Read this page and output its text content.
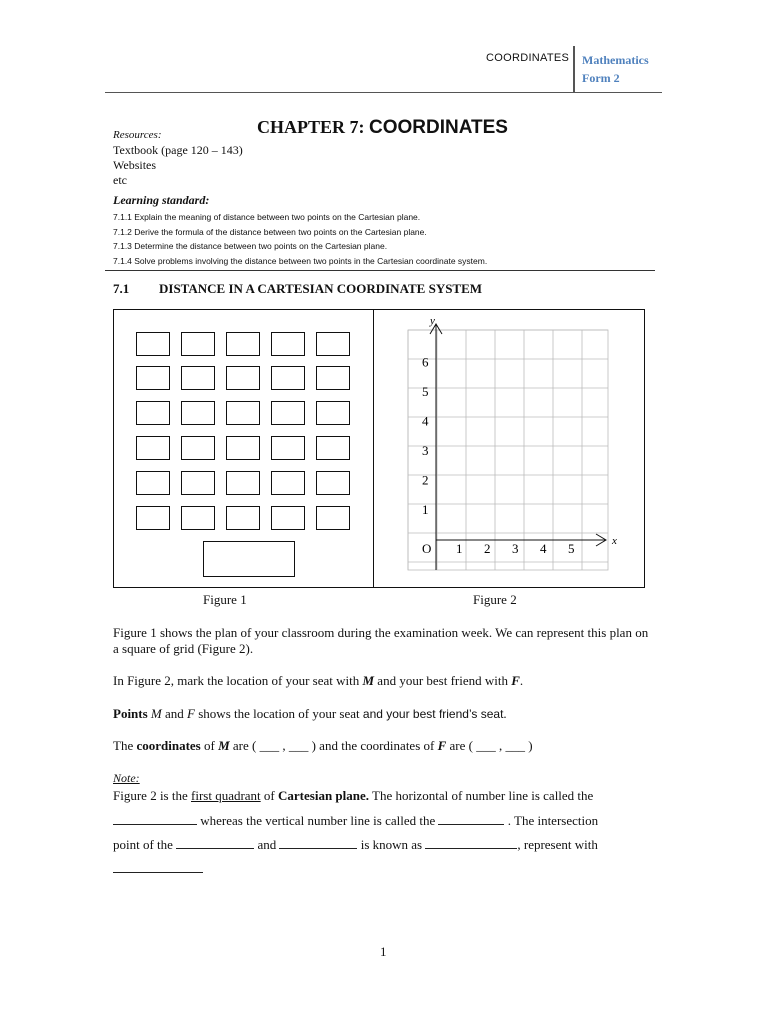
COORDINATES Mathematics
Form 2
CHAPTER 7: COORDINATES
Resources:
Textbook (page 120 – 143)
Websites
etc
Learning standard:
7.1.1 Explain the meaning of distance between two points on the Cartesian plane.
7.1.2 Derive the formula of the distance between two points on the Cartesian plane.
7.1.3 Determine the distance between two points on the Cartesian plane.
7.1.4 Solve problems involving the distance between two points in the Cartesian coordinate system.
7.1 DISTANCE IN A CARTESIAN COORDINATE SYSTEM
y
x
O 1 2 3 4 5
1
2
3
4
5
6
Figure 1	Figure 2
Figure 1 shows the plan of your classroom during the examination week. We can represent this plan on a square of grid (Figure 2).
In Figure 2, mark the location of your seat with M and your best friend with F.
Points M and F shows the location of your seat and your best friend’s seat.
The coordinates of M are ( ___ , ___ ) and the coordinates of F are ( ___ , ___ )
Note:
Figure 2 is the first quadrant of Cartesian plane. The horizontal of number line is called the
whereas the vertical number line is called the	. The intersection
point of the	and	is known as	, represent with
1
